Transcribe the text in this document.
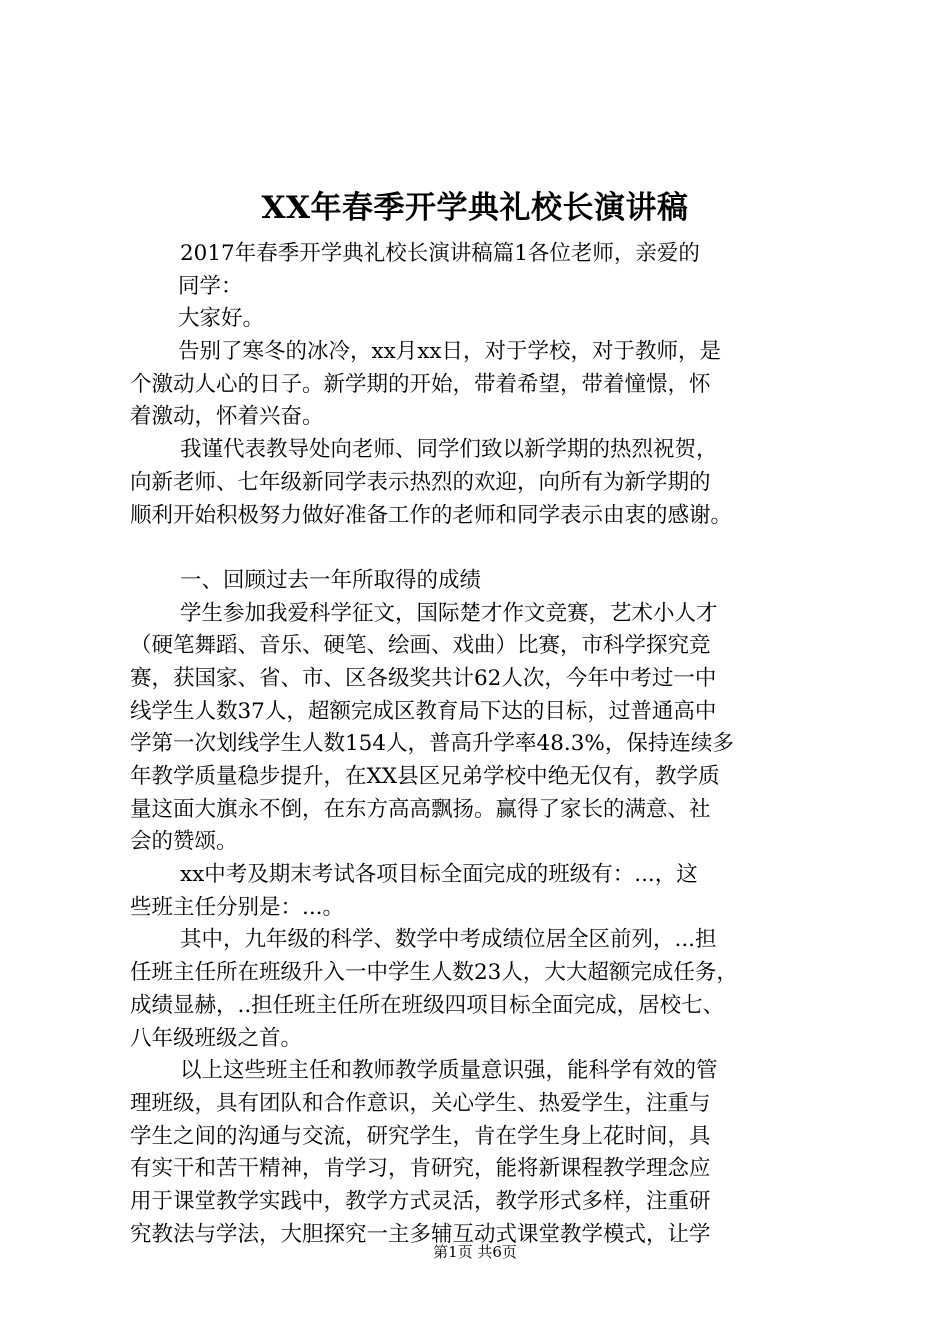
XX年春季开学典礼校长演讲稿
2017年春季开学典礼校长演讲稿篇1各位老师，亲爱的
同学：
大家好。
告别了寒冬的冰冷，xx月xx日，对于学校，对于教师，是
个激动人心的日子。新学期的开始，带着希望，带着憧憬，怀
着激动，怀着兴奋。
我谨代表教导处向老师、同学们致以新学期的热烈祝贺，
向新老师、七年级新同学表示热烈的欢迎，向所有为新学期的
顺利开始积极努力做好准备工作的老师和同学表示由衷的感谢。
一、回顾过去一年所取得的成绩
学生参加我爱科学征文，国际楚才作文竞赛，艺术小人才
（硬笔舞蹈、音乐、硬笔、绘画、戏曲）比赛，市科学探究竞
赛，获国家、省、市、区各级奖共计62人次，今年中考过一中
线学生人数37人，超额完成区教育局下达的目标，过普通高中
学第一次划线学生人数154人，普高升学率48.3%，保持连续多
年教学质量稳步提升，在XX县区兄弟学校中绝无仅有，教学质
量这面大旗永不倒，在东方高高飘扬。赢得了家长的满意、社
会的赞颂。
xx中考及期末考试各项目标全面完成的班级有：...，这
些班主任分别是：...。
其中，九年级的科学、数学中考成绩位居全区前列，...担
任班主任所在班级升入一中学生人数23人，大大超额完成任务，
成绩显赫，..担任班主任所在班级四项目标全面完成，居校七、
八年级班级之首。
以上这些班主任和教师教学质量意识强，能科学有效的管
理班级，具有团队和合作意识，关心学生、热爱学生，注重与
学生之间的沟通与交流，研究学生，肯在学生身上花时间，具
有实干和苦干精神，肯学习，肯研究，能将新课程教学理念应
用于课堂教学实践中，教学方式灵活，教学形式多样，注重研
究教法与学法，大胆探究一主多辅互动式课堂教学模式，让学
第1页 共6页
